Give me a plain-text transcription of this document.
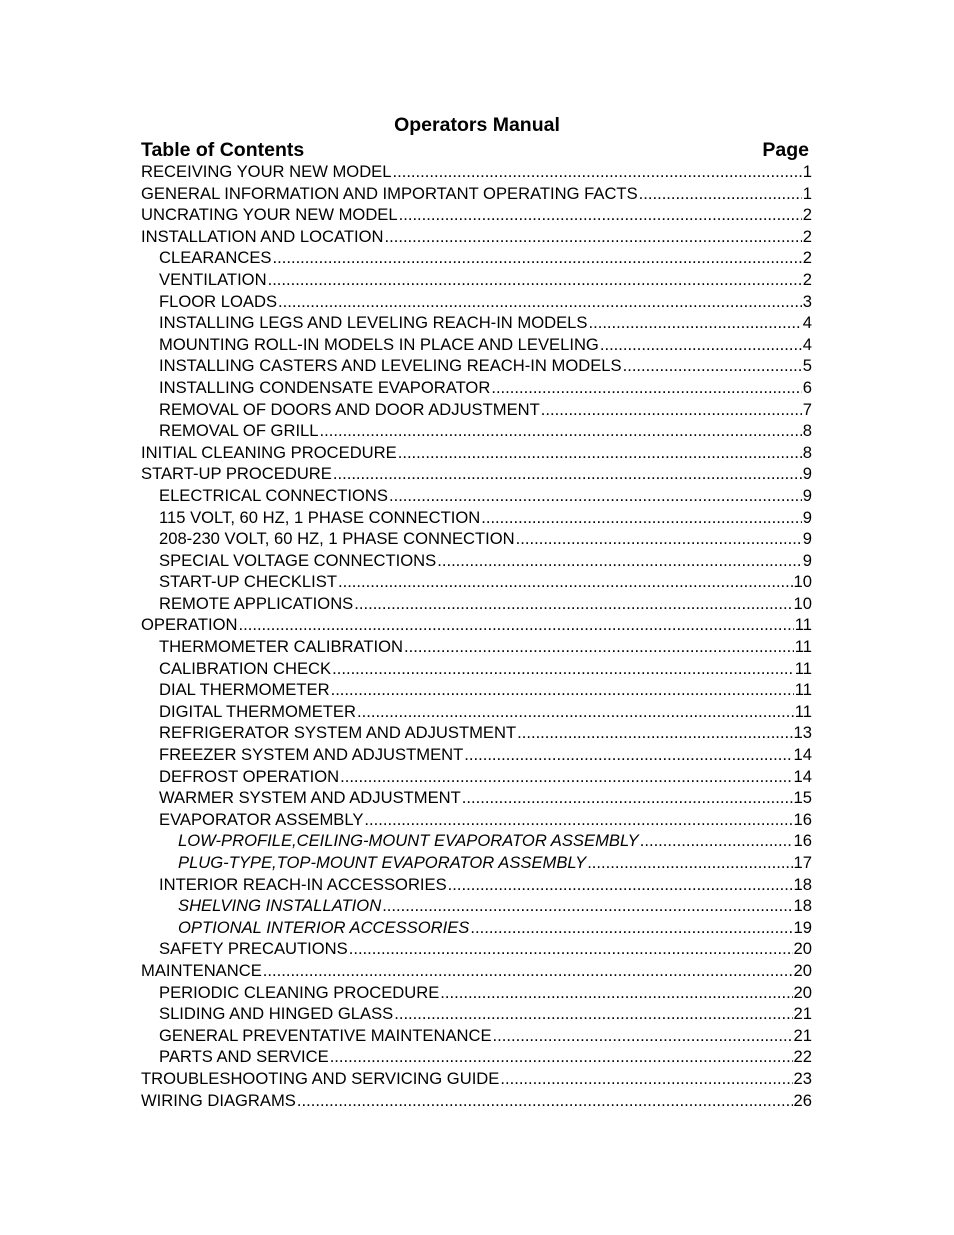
Operators Manual
Table of Contents	Page
RECEIVING YOUR NEW MODEL .....	1
GENERAL INFORMATION AND IMPORTANT OPERATING FACTS .....	1
UNCRATING YOUR NEW MODEL .....	2
INSTALLATION AND LOCATION .....	2
CLEARANCES .....	2
VENTILATION .....	2
FLOOR LOADS .....	3
INSTALLING LEGS AND LEVELING REACH-IN MODELS .....	4
MOUNTING ROLL-IN MODELS IN PLACE AND LEVELING .....	4
INSTALLING CASTERS AND LEVELING REACH-IN MODELS .....	5
INSTALLING CONDENSATE EVAPORATOR .....	6
REMOVAL OF DOORS AND DOOR ADJUSTMENT .....	7
REMOVAL OF GRILL .....	8
INITIAL CLEANING PROCEDURE .....	8
START-UP PROCEDURE .....	9
ELECTRICAL CONNECTIONS .....	9
115 VOLT, 60 HZ, 1 PHASE CONNECTION .....	9
208-230 VOLT, 60 HZ, 1 PHASE CONNECTION .....	9
SPECIAL VOLTAGE CONNECTIONS .....	9
START-UP CHECKLIST .....	10
REMOTE APPLICATIONS .....	10
OPERATION .....	11
THERMOMETER CALIBRATION .....	11
CALIBRATION CHECK .....	11
DIAL THERMOMETER .....	11
DIGITAL THERMOMETER .....	11
REFRIGERATOR SYSTEM AND ADJUSTMENT .....	13
FREEZER SYSTEM AND ADJUSTMENT .....	14
DEFROST OPERATION .....	14
WARMER SYSTEM AND ADJUSTMENT .....	15
EVAPORATOR ASSEMBLY .....	16
LOW-PROFILE,CEILING-MOUNT EVAPORATOR ASSEMBLY .....	16
PLUG-TYPE,TOP-MOUNT EVAPORATOR ASSEMBLY .....	17
INTERIOR REACH-IN ACCESSORIES .....	18
SHELVING INSTALLATION .....	18
OPTIONAL INTERIOR ACCESSORIES .....	19
SAFETY PRECAUTIONS .....	20
MAINTENANCE .....	20
PERIODIC CLEANING PROCEDURE .....	20
SLIDING AND HINGED GLASS .....	21
GENERAL PREVENTATIVE MAINTENANCE .....	21
PARTS AND SERVICE .....	22
TROUBLESHOOTING AND SERVICING GUIDE .....	23
WIRING DIAGRAMS .....	26
